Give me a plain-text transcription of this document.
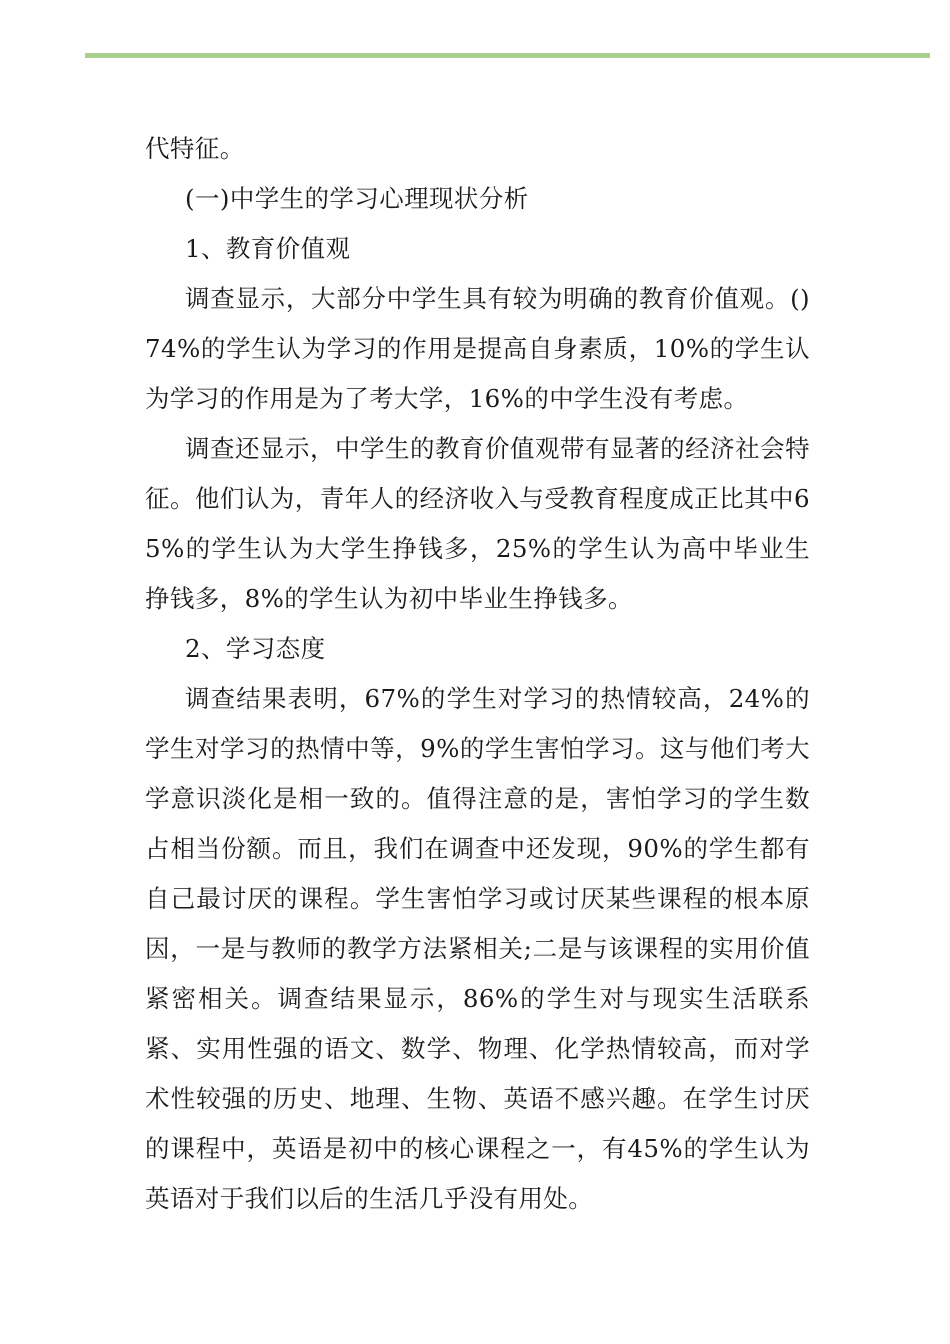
代特征。

(一)中学生的学习心理现状分析

1、教育价值观

调查显示，大部分中学生具有较为明确的教育价值观。()74%的学生认为学习的作用是提高自身素质，10%的学生认为学习的作用是为了考大学，16%的中学生没有考虑。

调查还显示，中学生的教育价值观带有显著的经济社会特征。他们认为，青年人的经济收入与受教育程度成正比其中65%的学生认为大学生挣钱多，25%的学生认为高中毕业生挣钱多，8%的学生认为初中毕业生挣钱多。

2、学习态度

调查结果表明，67%的学生对学习的热情较高，24%的学生对学习的热情中等，9%的学生害怕学习。这与他们考大学意识淡化是相一致的。值得注意的是，害怕学习的学生数占相当份额。而且，我们在调查中还发现，90%的学生都有自己最讨厌的课程。学生害怕学习或讨厌某些课程的根本原因，一是与教师的教学方法紧相关;二是与该课程的实用价值紧密相关。调查结果显示，86%的学生对与现实生活联系紧、实用性强的语文、数学、物理、化学热情较高，而对学术性较强的历史、地理、生物、英语不感兴趣。在学生讨厌的课程中，英语是初中的核心课程之一，有45%的学生认为英语对于我们以后的生活几乎没有用处。
